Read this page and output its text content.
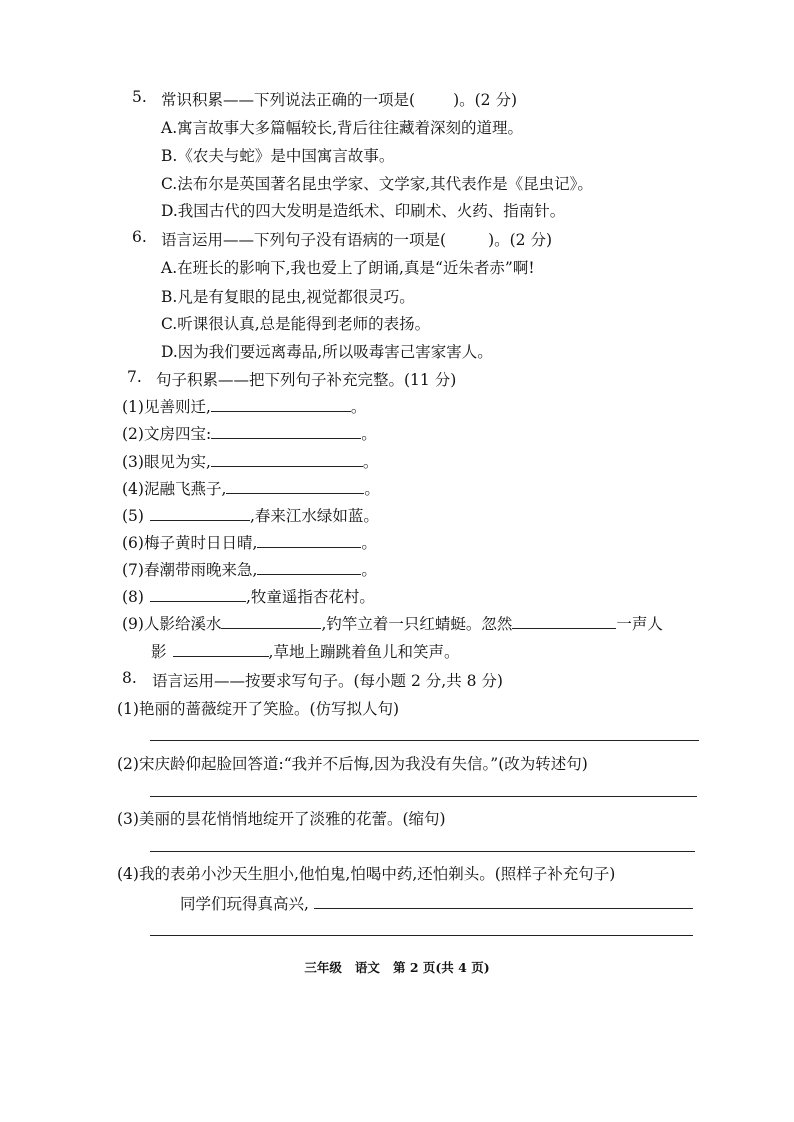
5. 常识积累——下列说法正确的一项是( )。(2 分)
A.寓言故事大多篇幅较长,背后往往藏着深刻的道理。
B.《农夫与蛇》是中国寓言故事。
C.法布尔是英国著名昆虫学家、文学家,其代表作是《昆虫记》。
D.我国古代的四大发明是造纸术、印刷术、火药、指南针。
6. 语言运用——下列句子没有语病的一项是(	)。(2 分)
A.在班长的影响下,我也爱上了朗诵,真是“近朱者赤”啊!
B.凡是有复眼的昆虫,视觉都很灵巧。
C.听课很认真,总是能得到老师的表扬。
D.因为我们要远离毒品,所以吸毒害己害家害人。
7. 句子积累——把下列句子补充完整。(11 分)
(1)见善则迁,	。
(2)文房四宝:	。
(3)眼见为实,	。
(4)泥融飞燕子,	。
(5)	,春来江水绿如蓝。
(6)梅子黄时日日晴,	。
(7)春潮带雨晚来急,	。
(8)	,牧童遥指杏花村。
(9)人影给溪水	,钓竿立着一只红蜻蜓。忽然	一声人
影	,草地上蹦跳着鱼儿和笑声。
8. 语言运用——按要求写句子。(每小题 2 分,共 8 分)
(1)艳丽的蔷薇绽开了笑脸。(仿写拟人句)
(2)宋庆龄仰起脸回答道:“我并不后悔,因为我没有失信。”(改为转述句)
(3)美丽的昙花悄悄地绽开了淡雅的花蕾。(缩句)
(4)我的表弟小沙天生胆小,他怕鬼,怕喝中药,还怕剃头。(照样子补充句子)
同学们玩得真高兴,
三年级   语文   第 2 页(共 4 页)
